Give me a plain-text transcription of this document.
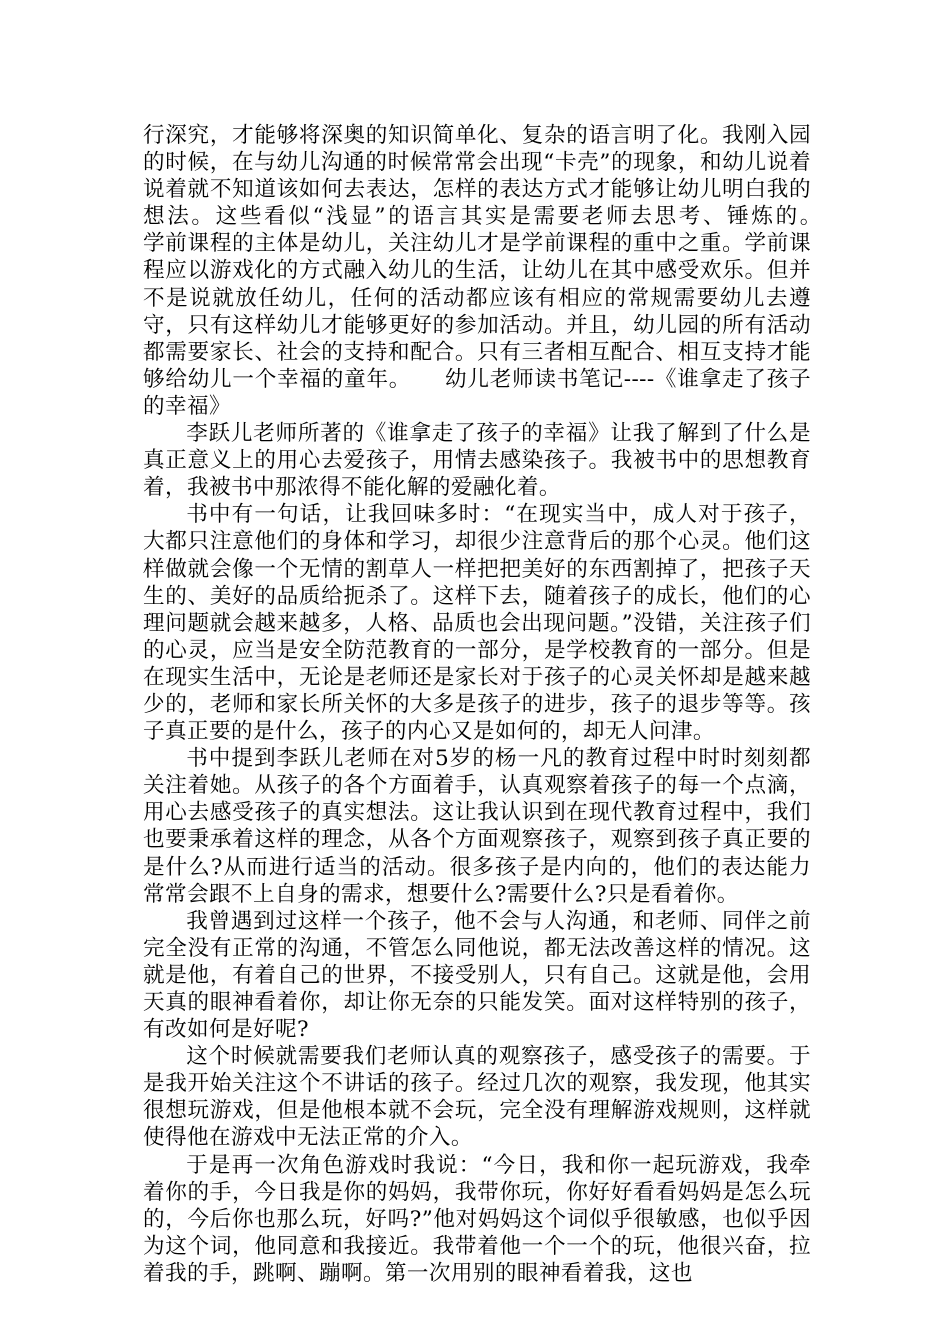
行深究，才能够将深奥的知识简单化、复杂的语言明了化。我刚入园的时候，在与幼儿沟通的时候常常会出现“卡壳”的现象，和幼儿说着说着就不知道该如何去表达，怎样的表达方式才能够让幼儿明白我的想法。这些看似“浅显”的语言其实是需要老师去思考、锤炼的。　　学前课程的主体是幼儿，关注幼儿才是学前课程的重中之重。学前课程应以游戏化的方式融入幼儿的生活，让幼儿在其中感受欢乐。但并不是说就放任幼儿，任何的活动都应该有相应的常规需要幼儿去遵守，只有这样幼儿才能够更好的参加活动。并且，幼儿园的所有活动都需要家长、社会的支持和配合。只有三者相互配合、相互支持才能够给幼儿一个幸福的童年。　　幼儿老师读书笔记----《谁拿走了孩子的幸福》

李跃儿老师所著的《谁拿走了孩子的幸福》让我了解到了什么是真正意义上的用心去爱孩子，用情去感染孩子。我被书中的思想教育着，我被书中那浓得不能化解的爱融化着。

书中有一句话，让我回味多时：“在现实当中，成人对于孩子，大都只注意他们的身体和学习，却很少注意背后的那个心灵。他们这样做就会像一个无情的割草人一样把把美好的东西割掉了，把孩子天生的、美好的品质给扼杀了。这样下去，随着孩子的成长，他们的心理问题就会越来越多，人格、品质也会出现问题。”没错，关注孩子们的心灵，应当是安全防范教育的一部分，是学校教育的一部分。但是在现实生活中，无论是老师还是家长对于孩子的心灵关怀却是越来越少的，老师和家长所关怀的大多是孩子的进步，孩子的退步等等。孩子真正要的是什么，孩子的内心又是如何的，却无人问津。

书中提到李跃儿老师在对5岁的杨一凡的教育过程中时时刻刻都关注着她。从孩子的各个方面着手，认真观察着孩子的每一个点滴，用心去感受孩子的真实想法。这让我认识到在现代教育过程中，我们也要秉承着这样的理念，从各个方面观察孩子，观察到孩子真正要的是什么?从而进行适当的活动。很多孩子是内向的，他们的表达能力常常会跟不上自身的需求，想要什么?需要什么?只是看着你。

我曾遇到过这样一个孩子，他不会与人沟通，和老师、同伴之前完全没有正常的沟通，不管怎么同他说，都无法改善这样的情况。这就是他，有着自己的世界，不接受别人，只有自己。这就是他，会用天真的眼神看着你，却让你无奈的只能发笑。面对这样特别的孩子，有改如何是好呢?

这个时候就需要我们老师认真的观察孩子，感受孩子的需要。于是我开始关注这个不讲话的孩子。经过几次的观察，我发现，他其实很想玩游戏，但是他根本就不会玩，完全没有理解游戏规则，这样就使得他在游戏中无法正常的介入。

于是再一次角色游戏时我说：“今日，我和你一起玩游戏，我牵着你的手，今日我是你的妈妈，我带你玩，你好好看看妈妈是怎么玩的，今后你也那么玩，好吗?”他对妈妈这个词似乎很敏感，也似乎因为这个词，他同意和我接近。我带着他一个一个的玩，他很兴奋，拉着我的手，跳啊、蹦啊。第一次用别的眼神看着我，这也
